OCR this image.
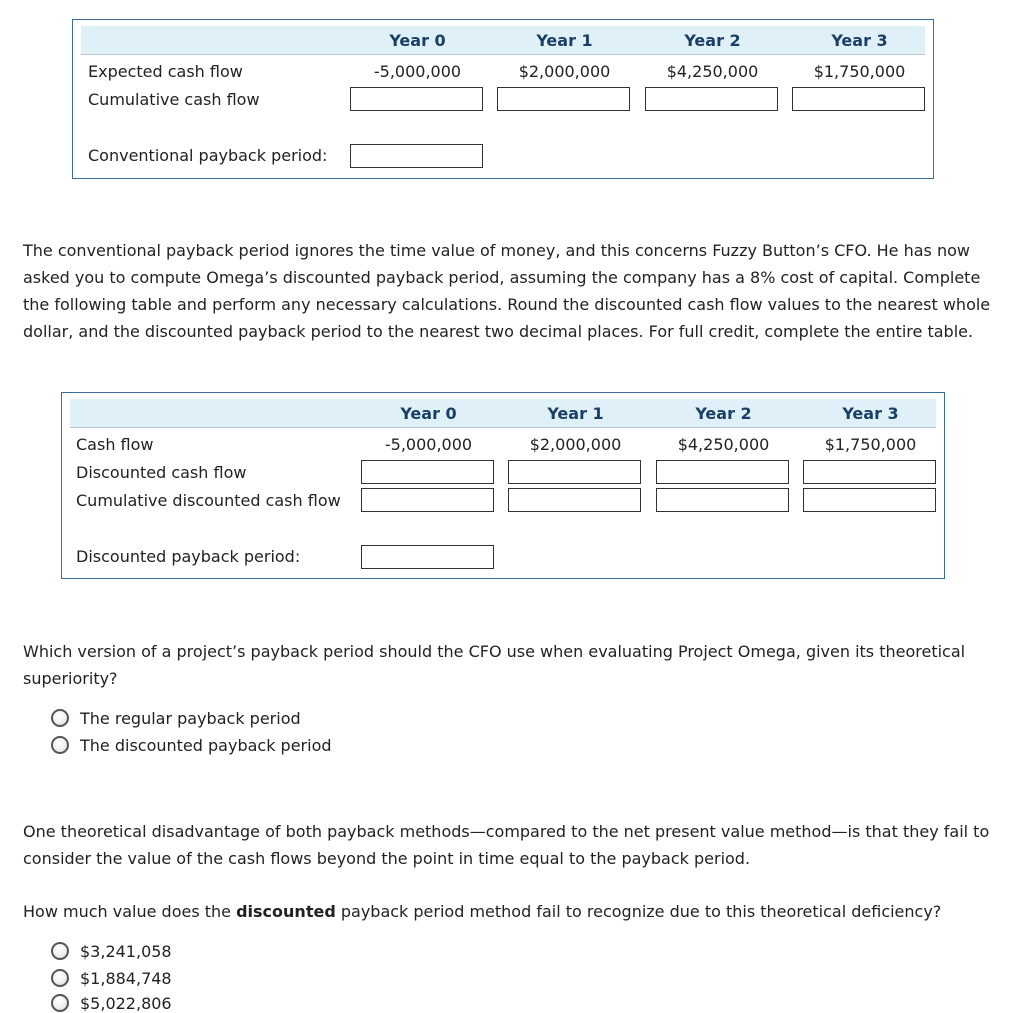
Year 0	Year 1	Year 2	Year 3
Expected cash flow	-5,000,000	$2,000,000	$4,250,000	$1,750,000
Cumulative cash flow
Conventional payback period:
The conventional payback period ignores the time value of money, and this concerns Fuzzy Button’s CFO. He has now asked you to compute Omega’s discounted payback period, assuming the company has a 8% cost of capital. Complete the following table and perform any necessary calculations. Round the discounted cash flow values to the nearest whole dollar, and the discounted payback period to the nearest two decimal places. For full credit, complete the entire table.
Year 0	Year 1	Year 2	Year 3
Cash flow	-5,000,000	$2,000,000	$4,250,000	$1,750,000
Discounted cash flow
Cumulative discounted cash flow
Discounted payback period:
Which version of a project’s payback period should the CFO use when evaluating Project Omega, given its theoretical superiority?
The regular payback period
The discounted payback period
One theoretical disadvantage of both payback methods—compared to the net present value method—is that they fail to consider the value of the cash flows beyond the point in time equal to the payback period.
How much value does the discounted payback period method fail to recognize due to this theoretical deficiency?
$3,241,058
$1,884,748
$5,022,806
